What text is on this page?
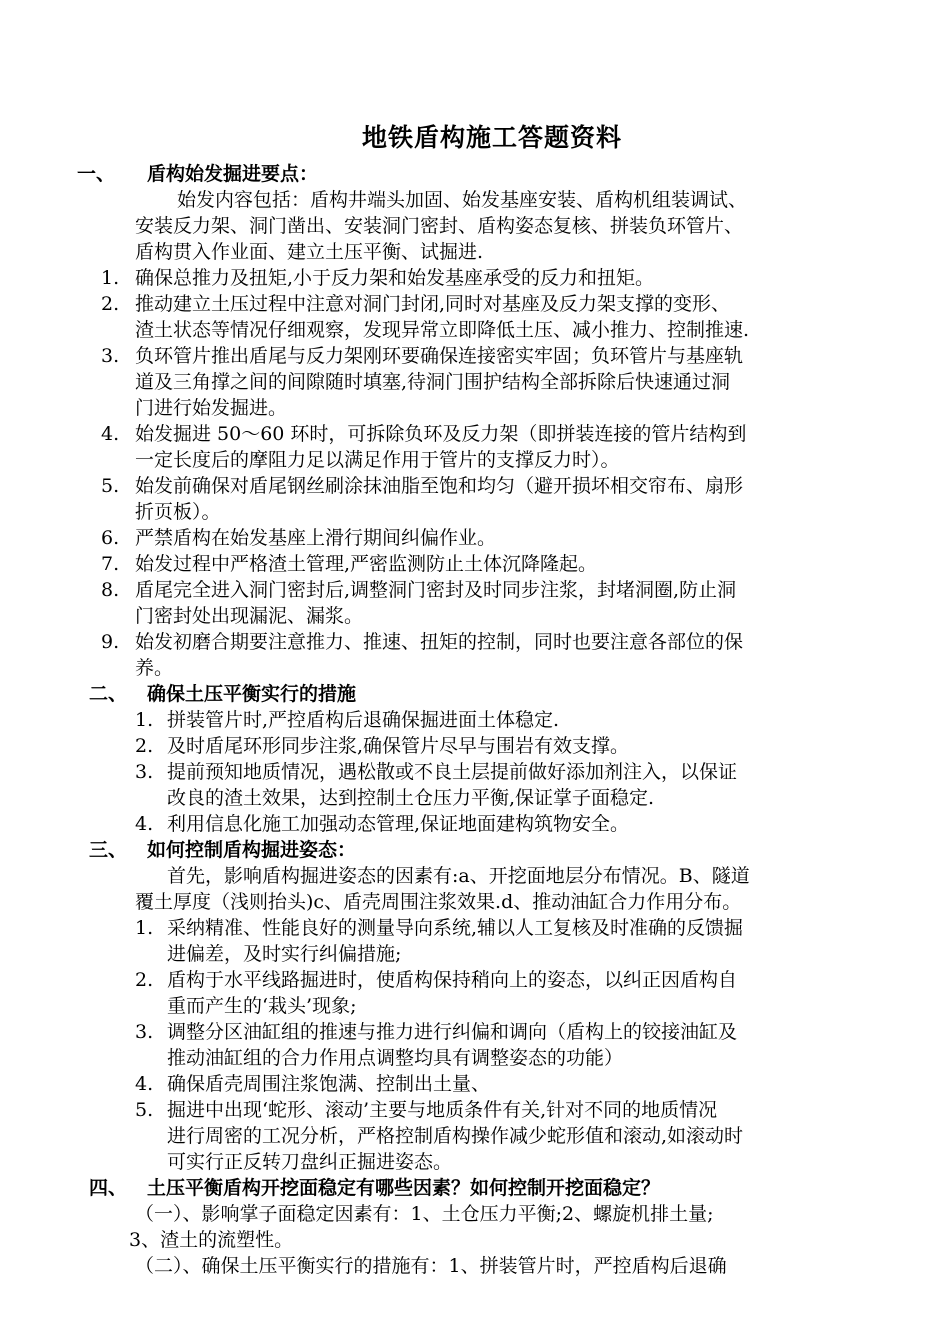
地铁盾构施工答题资料
一、 盾构始发掘进要点：
始发内容包括：盾构井端头加固、始发基座安装、盾构机组装调试、
安装反力架、洞门凿出、安装洞门密封、盾构姿态复核、拼装负环管片、
盾构贯入作业面、建立土压平衡、试掘进.
1. 确保总推力及扭矩,小于反力架和始发基座承受的反力和扭矩。
2. 推动建立土压过程中注意对洞门封闭,同时对基座及反力架支撑的变形、
渣土状态等情况仔细观察，发现异常立即降低土压、减小推力、控制推速.
3. 负环管片推出盾尾与反力架刚环要确保连接密实牢固；负环管片与基座轨
道及三角撑之间的间隙随时填塞,待洞门围护结构全部拆除后快速通过洞
门进行始发掘进。
4. 始发掘进 50～60 环时，可拆除负环及反力架（即拼装连接的管片结构到
一定长度后的摩阻力足以满足作用于管片的支撑反力时）。
5. 始发前确保对盾尾钢丝刷涂抹油脂至饱和均匀（避开损坏相交帘布、扇形
折页板）。
6. 严禁盾构在始发基座上滑行期间纠偏作业。
7. 始发过程中严格渣土管理,严密监测防止土体沉降隆起。
8. 盾尾完全进入洞门密封后,调整洞门密封及时同步注浆，封堵洞圈,防止洞
门密封处出现漏泥、漏浆。
9. 始发初磨合期要注意推力、推速、扭矩的控制，同时也要注意各部位的保
养。
二、 确保土压平衡实行的措施
1. 拼装管片时,严控盾构后退确保掘进面土体稳定.
2. 及时盾尾环形同步注浆,确保管片尽早与围岩有效支撑。
3. 提前预知地质情况，遇松散或不良土层提前做好添加剂注入，以保证
改良的渣土效果，达到控制土仓压力平衡,保证掌子面稳定.
4. 利用信息化施工加强动态管理,保证地面建构筑物安全。
三、 如何控制盾构掘进姿态：
首先，影响盾构掘进姿态的因素有:a、开挖面地层分布情况。B、隧道
覆土厚度（浅则抬头)c、盾壳周围注浆效果.d、推动油缸合力作用分布。
1. 采纳精准、性能良好的测量导向系统,辅以人工复核及时准确的反馈掘
进偏差，及时实行纠偏措施;
2. 盾构于水平线路掘进时，使盾构保持稍向上的姿态，以纠正因盾构自
重而产生的‘栽头’现象;
3. 调整分区油缸组的推速与推力进行纠偏和调向（盾构上的铰接油缸及
推动油缸组的合力作用点调整均具有调整姿态的功能）
4. 确保盾壳周围注浆饱满、控制出土量、
5. 掘进中出现‘蛇形、滚动’主要与地质条件有关,针对不同的地质情况
进行周密的工况分析，严格控制盾构操作减少蛇形值和滚动,如滚动时
可实行正反转刀盘纠正掘进姿态。
四、 土压平衡盾构开挖面稳定有哪些因素？如何控制开挖面稳定？
（一）、影响掌子面稳定因素有：1、土仓压力平衡;2、螺旋机排土量;
3、渣土的流塑性。
（二）、确保土压平衡实行的措施有：1、拼装管片时，严控盾构后退确
